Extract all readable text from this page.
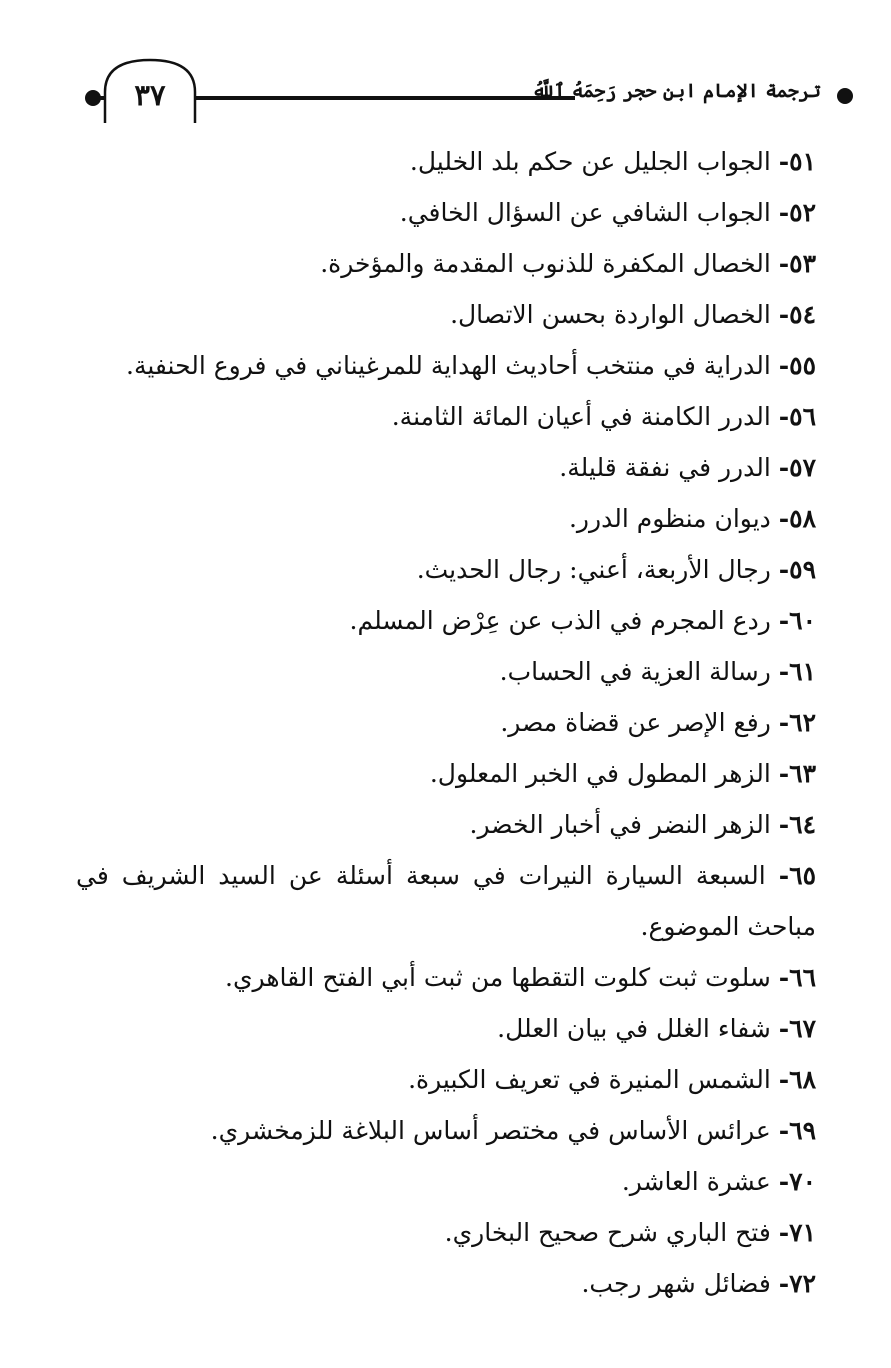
٣٧	ترجمة الإمام ابن حجر رَحِمَهُ ٱللَّهُ
٥١- الجواب الجليل عن حكم بلد الخليل.
٥٢- الجواب الشافي عن السؤال الخافي.
٥٣- الخصال المكفرة للذنوب المقدمة والمؤخرة.
٥٤- الخصال الواردة بحسن الاتصال.
٥٥- الدراية في منتخب أحاديث الهداية للمرغيناني في فروع الحنفية.
٥٦- الدرر الكامنة في أعيان المائة الثامنة.
٥٧- الدرر في نفقة قليلة.
٥٨- ديوان منظوم الدرر.
٥٩- رجال الأربعة، أعني: رجال الحديث.
٦٠- ردع المجرم في الذب عن عِرْض المسلم.
٦١- رسالة العزية في الحساب.
٦٢- رفع الإصر عن قضاة مصر.
٦٣- الزهر المطول في الخبر المعلول.
٦٤- الزهر النضر في أخبار الخضر.
٦٥- السبعة السيارة النيرات في سبعة أسئلة عن السيد الشريف في مباحث الموضوع.
٦٦- سلوت ثبت كلوت التقطها من ثبت أبي الفتح القاهري.
٦٧- شفاء الغلل في بيان العلل.
٦٨- الشمس المنيرة في تعريف الكبيرة.
٦٩- عرائس الأساس في مختصر أساس البلاغة للزمخشري.
٧٠- عشرة العاشر.
٧١- فتح الباري شرح صحيح البخاري.
٧٢- فضائل شهر رجب.
